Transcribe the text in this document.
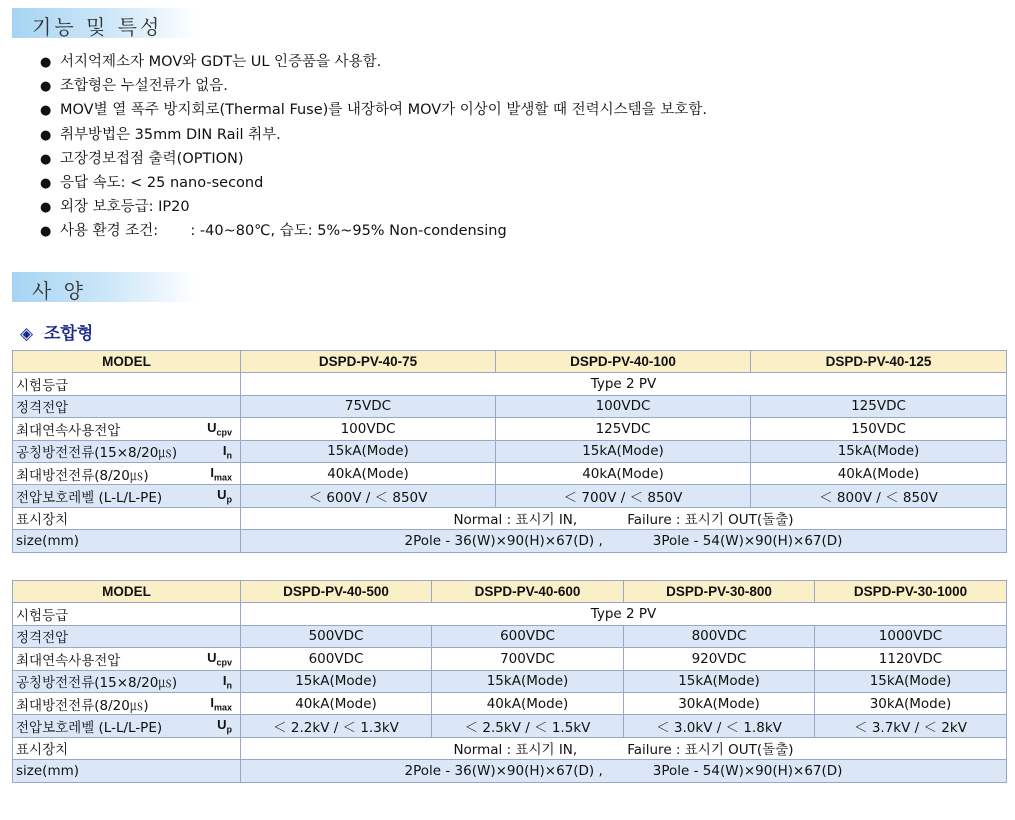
기능 및 특성
● 서지억제소자 MOV와 GDT는 UL 인증품을 사용함.
● 조합형은 누설전류가 없음.
● MOV별 열 폭주 방지회로(Thermal Fuse)를 내장하여 MOV가 이상이 발생할 때 전력시스템을 보호함.
● 취부방법은 35mm DIN Rail 취부.
● 고장경보접점 출력(OPTION)
● 응답 속도: < 25 nano-second
● 외장 보호등급: IP20
● 사용 환경 조건:       : -40~80℃, 습도: 5%~95% Non-condensing
사 양
◈ 조합형
MODEL	DSPD-PV-40-75	DSPD-PV-40-100	DSPD-PV-40-125
시험등급	Type 2 PV		
정격전압	75VDC	100VDC	125VDC
최대연속사용전압 $U_{cpv}$	100VDC	125VDC	150VDC
공칭방전전류(15×8/20㎲) $I_n$	15kA(Mode)	15kA(Mode)	15kA(Mode)
최대방전전류(8/20㎲) $I_{max}$	40kA(Mode)	40kA(Mode)	40kA(Mode)
전압보호레벨 (L-L/L-PE) $U_p$	＜ 600V / ＜ 850V	＜ 700V / ＜ 850V	＜ 800V / ＜ 850V
표시장치	Normal : 표시기 IN, Failure : 표시기 OUT(돌출)		
size(mm)	2Pole - 36(W)×90(H)×67(D) , 3Pole - 54(W)×90(H)×67(D)		
MODEL	DSPD-PV-40-500	DSPD-PV-40-600	DSPD-PV-30-800	DSPD-PV-30-1000
시험등급	Type 2 PV			
정격전압	500VDC	600VDC	800VDC	1000VDC
최대연속사용전압 $U_{cpv}$	600VDC	700VDC	920VDC	1120VDC
공칭방전전류(15×8/20㎲) $I_n$	15kA(Mode)	15kA(Mode)	15kA(Mode)	15kA(Mode)
최대방전전류(8/20㎲) $I_{max}$	40kA(Mode)	40kA(Mode)	30kA(Mode)	30kA(Mode)
전압보호레벨 (L-L/L-PE) $U_p$	＜ 2.2kV / ＜ 1.3kV	＜ 2.5kV / ＜ 1.5kV	＜ 3.0kV / ＜ 1.8kV	＜ 3.7kV / ＜ 2kV
표시장치	Normal : 표시기 IN, Failure : 표시기 OUT(돌출)			
size(mm)	2Pole - 36(W)×90(H)×67(D) , 3Pole - 54(W)×90(H)×67(D)			
